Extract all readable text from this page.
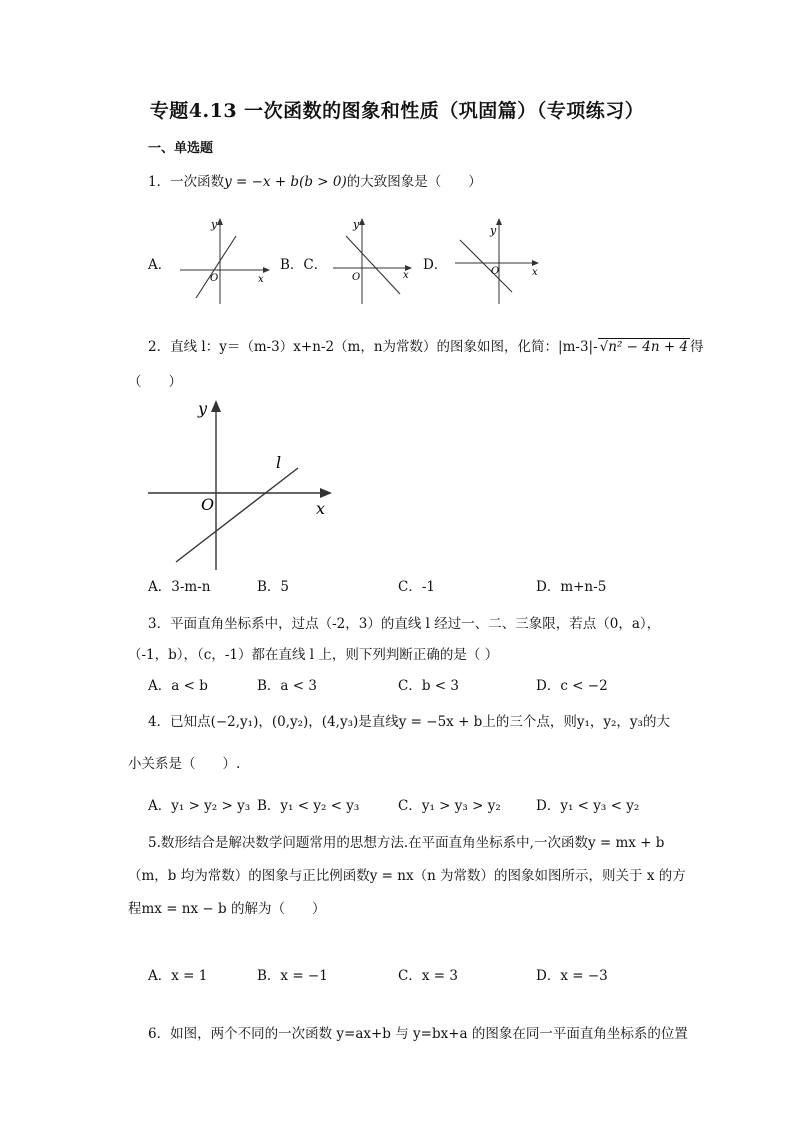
专题4.13 一次函数的图象和性质（巩固篇）（专项练习）
一、单选题
1．一次函数y = −x + b(b > 0)的大致图象是（　　）
A．
y
O	x
B．C．
y
O	x
D．
y
O	x
2．直线 l：y＝（m-3）x+n-2（m，n为常数）的图象如图，化简：|m-3|- √n² − 4n + 4 得
（　　）
y
O	x
l
A．3-m-n	B．5	C．-1	D．m+n-5
3．平面直角坐标系中，过点（-2，3）的直线 l 经过一、二、三象限，若点（0，a），
（-1，b），（c，-1）都在直线 l 上，则下列判断正确的是（ ）
A．a < b	B．a < 3	C．b < 3	D．c < −2
4．已知点(−2,y₁)，(0,y₂)，(4,y₃)是直线y = −5x + b上的三个点，则y₁，y₂，y₃的大
小关系是（　　）.
A．y₁ > y₂ > y₃ B．y₁ < y₂ < y₃	C．y₁ > y₃ > y₂	D．y₁ < y₃ < y₂
5.数形结合是解决数学问题常用的思想方法.在平面直角坐标系中,一次函数y = mx + b
（m，b 均为常数）的图象与正比例函数y = nx（n 为常数）的图象如图所示，则关于 x 的方
程mx = nx − b 的解为（　　）
A．x = 1	B．x = −1	C．x = 3	D．x = −3
6．如图，两个不同的一次函数 y=ax+b 与 y=bx+a 的图象在同一平面直角坐标系的位置
